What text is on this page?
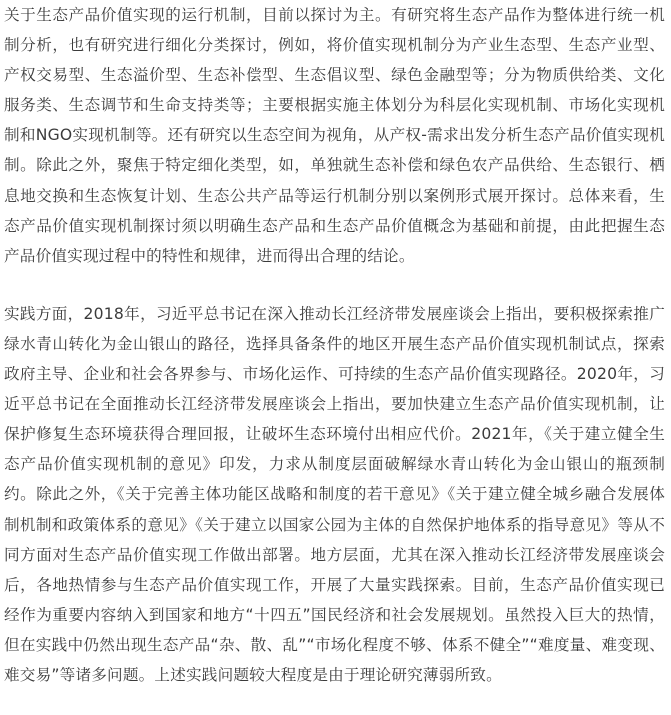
关于生态产品价值实现的运行机制，目前以探讨为主。有研究将生态产品作为整体进行统一机制分析，也有研究进行细化分类探讨，例如，将价值实现机制分为产业生态型、生态产业型、产权交易型、生态溢价型、生态补偿型、生态倡议型、绿色金融型等；分为物质供给类、文化服务类、生态调节和生命支持类等；主要根据实施主体划分为科层化实现机制、市场化实现机制和NGO实现机制等。还有研究以生态空间为视角，从产权-需求出发分析生态产品价值实现机制。除此之外，聚焦于特定细化类型，如，单独就生态补偿和绿色农产品供给、生态银行、栖息地交换和生态恢复计划、生态公共产品等运行机制分别以案例形式展开探讨。总体来看，生态产品价值实现机制探讨须以明确生态产品和生态产品价值概念为基础和前提，由此把握生态产品价值实现过程中的特性和规律，进而得出合理的结论。

实践方面，2018年，习近平总书记在深入推动长江经济带发展座谈会上指出，要积极探索推广绿水青山转化为金山银山的路径，选择具备条件的地区开展生态产品价值实现机制试点，探索政府主导、企业和社会各界参与、市场化运作、可持续的生态产品价值实现路径。2020年，习近平总书记在全面推动长江经济带发展座谈会上指出，要加快建立生态产品价值实现机制，让保护修复生态环境获得合理回报，让破坏生态环境付出相应代价。2021年，《关于建立健全生态产品价值实现机制的意见》印发，力求从制度层面破解绿水青山转化为金山银山的瓶颈制约。除此之外，《关于完善主体功能区战略和制度的若干意见》《关于建立健全城乡融合发展体制机制和政策体系的意见》《关于建立以国家公园为主体的自然保护地体系的指导意见》等从不同方面对生态产品价值实现工作做出部署。地方层面，尤其在深入推动长江经济带发展座谈会后，各地热情参与生态产品价值实现工作，开展了大量实践探索。目前，生态产品价值实现已经作为重要内容纳入到国家和地方“十四五”国民经济和社会发展规划。虽然投入巨大的热情，但在实践中仍然出现生态产品“杂、散、乱”“市场化程度不够、体系不健全”“难度量、难变现、难交易”等诸多问题。上述实践问题较大程度是由于理论研究薄弱所致。
